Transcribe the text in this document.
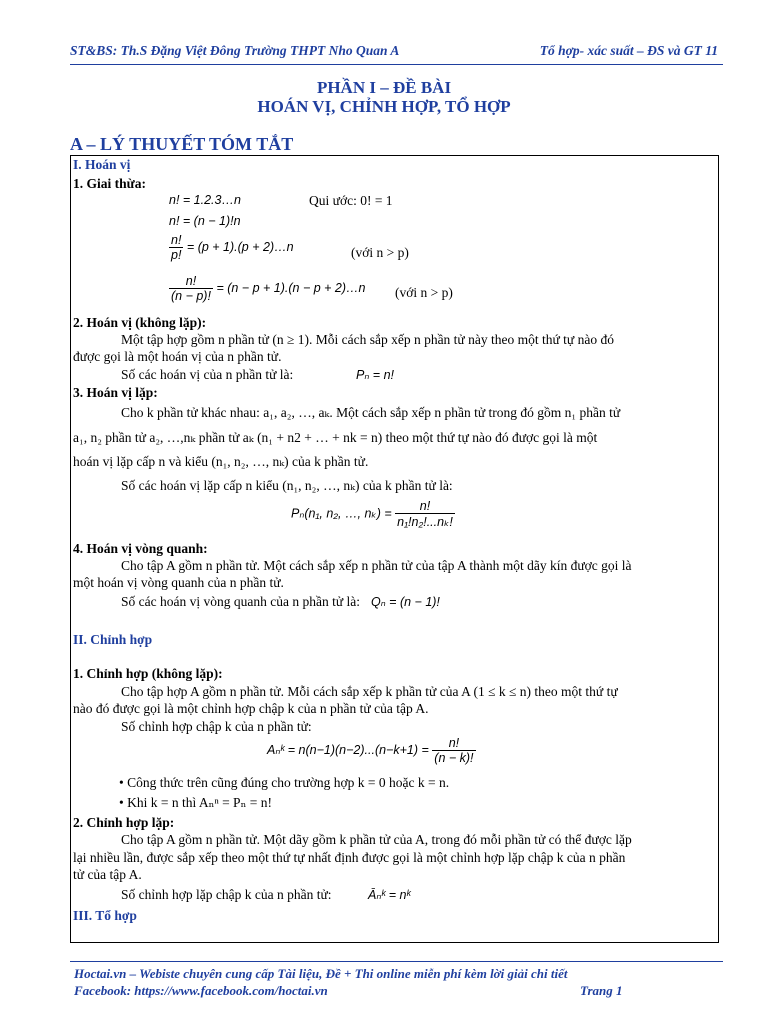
ST&BS: Th.S Đặng Việt Đông Trường THPT Nho Quan A	Tổ hợp- xác suất – ĐS và GT 11
PHẦN I – ĐỀ BÀI
HOÁN VỊ, CHỈNH HỢP, TỔ HỢP
A – LÝ THUYẾT TÓM TẮT
I. Hoán vị
1. Giai thừa:
n! = 1.2.3…n	Qui ước: 0! = 1
n! = (n − 1)!n
$\frac{n!}{p!} = (p + 1).(p$ + 2)…n	(với n > p)
$\frac{n!}{(n - p)!} = (n - p + 1).(n - p$ + 2)…n (với n > p)
2. Hoán vị (không lặp):
Một tập hợp gồm n phần tử (n ≥ 1). Mỗi cách sắp xếp n phần tử này theo một thứ tự nào đó
được gọi là một hoán vị của n phần tử.
Số các hoán vị của n phần tử là:	Pₙ = n!
3. Hoán vị lặp:
Cho k phần tử khác nhau: a₁, a₂, …, aₖ. Một cách sắp xếp n phần tử trong đó gồm n₁ phần tử
a₁, n₂ phần tử a₂, …,nₖ phần tử aₖ (n₁ + n2 + … + nk = n) theo một thứ tự nào đó được gọi là một
hoán vị lặp cấp n và kiểu (n₁, n₂, …, nₖ) của k phần tử.
Số các hoán vị lặp cấp n kiểu (n₁, n₂, …, nₖ) của k phần tử là:
Pₙ(n₁, n₂, …, $n_k) = \frac{n!}{\text{n₁!n₂!...nₖ!}}$
4. Hoán vị vòng quanh:
Cho tập A gồm n phần tử. Một cách sắp xếp n phần tử của tập A thành một dãy kín được gọi là
một hoán vị vòng quanh của n phần tử.
Số các hoán vị vòng quanh của n phần tử là: Qₙ = (n − 1)!
II. Chỉnh hợp
1. Chỉnh hợp (không lặp):
Cho tập hợp A gồm n phần tử. Mỗi cách sắp xếp k phần tử của A (1 ≤ k ≤ n) theo một thứ tự
nào đó được gọi là một chỉnh hợp chập k của n phần tử của tập A.
Số chỉnh hợp chập k của n phần tử:
Aₙᵏ = $n(n-1)(n-2)...(n-k+1) = \frac{n!}{(n - k)!}$
• Công thức trên cũng đúng cho trường hợp k = 0 hoặc k = n.
• Khi k = n thì Aₙⁿ = Pₙ = n!
2. Chỉnh hợp lặp:
Cho tập A gồm n phần tử. Một dãy gồm k phần tử của A, trong đó mỗi phần tử có thể được lặp
lại nhiều lần, được sắp xếp theo một thứ tự nhất định được gọi là một chỉnh hợp lặp chập k của n phần
tử của tập A.
Số chỉnh hợp lặp chập k của n phần tử:	Āₙᵏ = nᵏ
III. Tổ hợp
Hoctai.vn – Webiste chuyên cung cấp Tài liệu, Đề + Thi online miễn phí kèm lời giải chi tiết
Facebook: https://www.facebook.com/hoctai.vn	Trang 1
